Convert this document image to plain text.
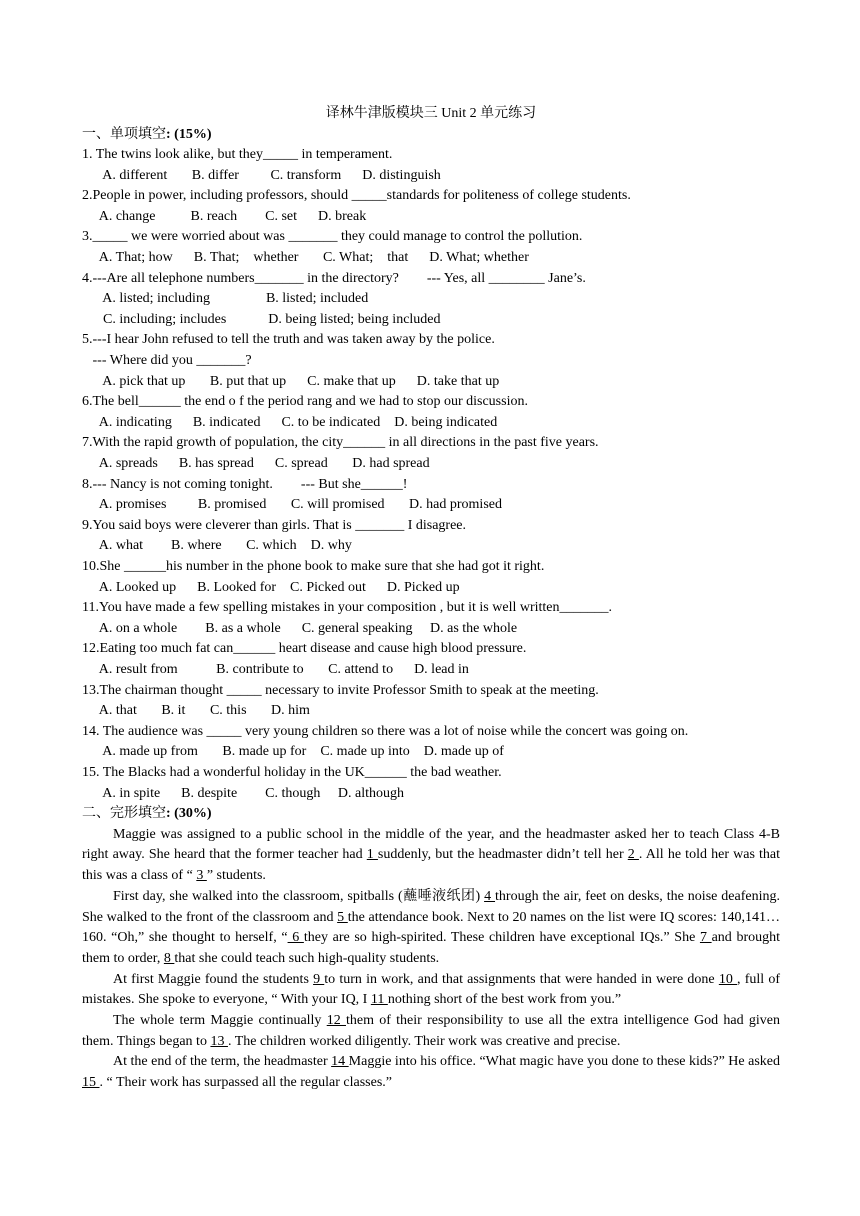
译林牛津版模块三 Unit 2 单元练习
一、单项填空: (15%)
1. The twins look alike, but they_____ in temperament.
A. different       B. differ         C. transform      D. distinguish
2.People in power, including professors, should _____standards for politeness of college students.
A. change          B. reach        C. set      D. break
3._____ we were worried about was _______ they could manage to control the pollution.
A. That; how      B. That;    whether       C. What;    that      D. What; whether
4.---Are all telephone numbers_______ in the directory?        --- Yes, all ________ Jane’s.
A. listed; including                B. listed; included
C. including; includes            D. being listed; being included
5.---I hear John refused to tell the truth and was taken away by the police.
--- Where did you _______?
A. pick that up       B. put that up      C. make that up      D. take that up
6.The bell______ the end o f the period rang and we had to stop our discussion.
A. indicating      B. indicated      C. to be indicated    D. being indicated
7.With the rapid growth of population, the city______ in all directions in the past five years.
A. spreads      B. has spread      C. spread       D. had spread
8.--- Nancy is not coming tonight.        --- But she______!
A. promises         B. promised       C. will promised       D. had promised
9.You said boys were cleverer than girls. That is _______ I disagree.
A. what        B. where       C. which    D. why
10.She ______his number in the phone book to make sure that she had got it right.
A. Looked up      B. Looked for    C. Picked out      D. Picked up
11.You have made a few spelling mistakes in your composition , but it is well written_______.
A. on a whole        B. as a whole      C. general speaking     D. as the whole
12.Eating too much fat can______ heart disease and cause high blood pressure.
A. result from           B. contribute to       C. attend to      D. lead in
13.The chairman thought _____ necessary to invite Professor Smith to speak at the meeting.
A. that       B. it       C. this       D. him
14. The audience was _____ very young children so there was a lot of noise while the concert was going on.
A. made up from       B. made up for    C. made up into    D. made up of
15. The Blacks had a wonderful holiday in the UK______ the bad weather.
A. in spite      B. despite        C. though     D. although
二、完形填空: (30%)
Maggie was assigned to a public school in the middle of the year, and the headmaster asked her to teach Class 4-B right away. She heard that the former teacher had 1 suddenly, but the headmaster didn’t tell her 2 . All he told her was that this was a class of “ 3 ” students.
First day, she walked into the classroom, spitballs (蘸唾液纸团) 4 through the air, feet on desks, the noise deafening. She walked to the front of the classroom and 5 the attendance book. Next to 20 names on the list were IQ scores: 140,141…160. “Oh,” she thought to herself, “ 6 they are so high-spirited. These children have exceptional IQs.” She 7 and brought them to order, 8 that she could teach such high-quality students.
At first Maggie found the students 9 to turn in work, and that assignments that were handed in were done 10 , full of mistakes. She spoke to everyone, “ With your IQ, I 11 nothing short of the best work from you.”
The whole term Maggie continually 12 them of their responsibility to use all the extra intelligence God had given them. Things began to 13 . The children worked diligently. Their work was creative and precise.
At the end of the term, the headmaster 14 Maggie into his office. “What magic have you done to these kids?” He asked 15 . “ Their work has surpassed all the regular classes.”
